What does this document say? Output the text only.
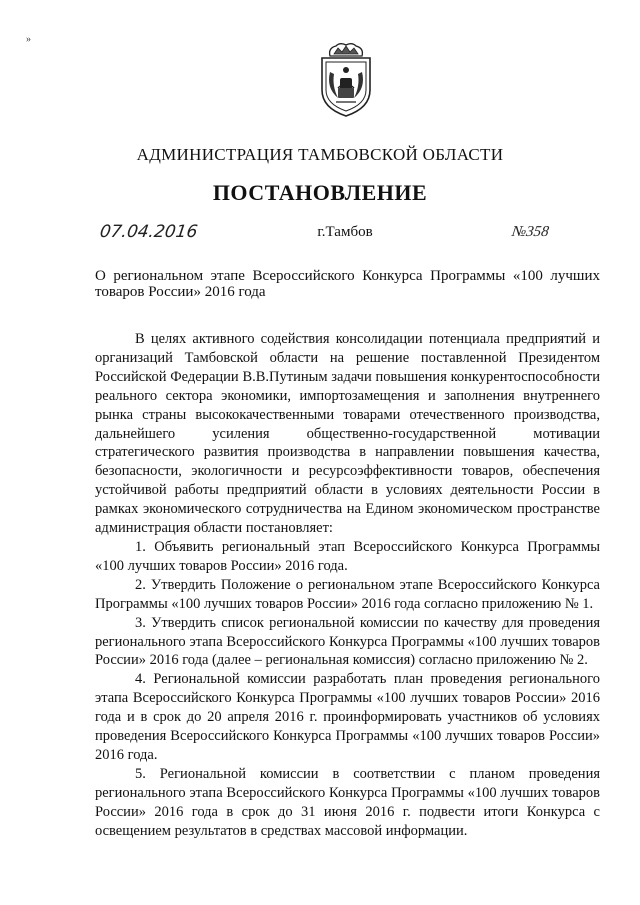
»
АДМИНИСТРАЦИЯ ТАМБОВСКОЙ ОБЛАСТИ
ПОСТАНОВЛЕНИЕ
07.04.2016	г.Тамбов	№358
О региональном этапе Всероссийского Конкурса Программы «100 лучших товаров России» 2016 года

В целях активного содействия консолидации потенциала предприятий и организаций Тамбовской области на решение поставленной Президентом Российской Федерации В.В.Путиным задачи повышения конкурентоспособности реального сектора экономики, импортозамещения и заполнения внутреннего рынка страны высококачественными товарами отечественного производства, дальнейшего усиления общественно-государственной мотивации стратегического развития производства в направлении повышения качества, безопасности, экологичности и ресурсоэффективности товаров, обеспечения устойчивой работы предприятий области в условиях деятельности России в рамках экономического сотрудничества на Едином экономическом пространстве администрация области постановляет:

1. Объявить региональный этап Всероссийского Конкурса Программы «100 лучших товаров России» 2016 года.

2. Утвердить Положение о региональном этапе Всероссийского Конкурса Программы «100 лучших товаров России» 2016 года согласно приложению № 1.

3. Утвердить список региональной комиссии по качеству для проведения регионального этапа Всероссийского Конкурса Программы «100 лучших товаров России» 2016 года (далее – региональная комиссия) согласно приложению № 2.

4. Региональной комиссии разработать план проведения регионального этапа Всероссийского Конкурса Программы «100 лучших товаров России» 2016 года и в срок до 20 апреля 2016 г. проинформировать участников об условиях проведения Всероссийского Конкурса Программы «100 лучших товаров России» 2016 года.

5. Региональной комиссии в соответствии с планом проведения регионального этапа Всероссийского Конкурса Программы «100 лучших товаров России» 2016 года в срок до 31 июня 2016 г. подвести итоги Конкурса с освещением результатов в средствах массовой информации.
